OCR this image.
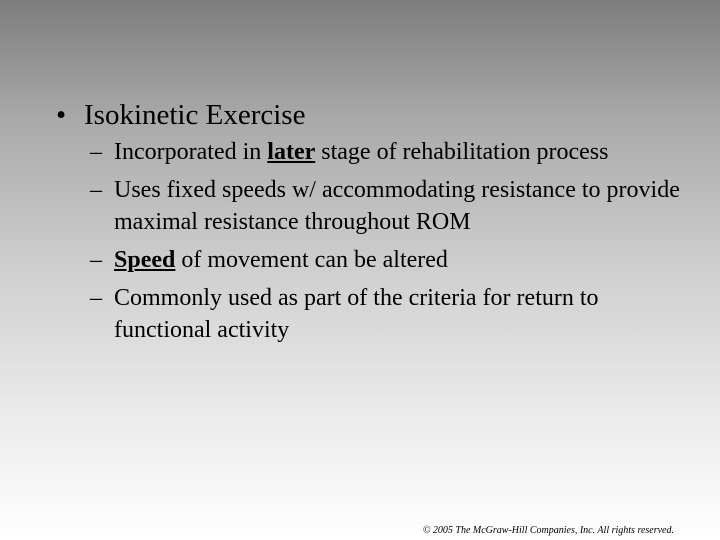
• Isokinetic Exercise
– Incorporated in later stage of rehabilitation process
– Uses fixed speeds w/ accommodating resistance to provide maximal resistance throughout ROM
– Speed of movement can be altered
– Commonly used as part of the criteria for return to functional activity
© 2005 The McGraw-Hill Companies, Inc. All rights reserved.
